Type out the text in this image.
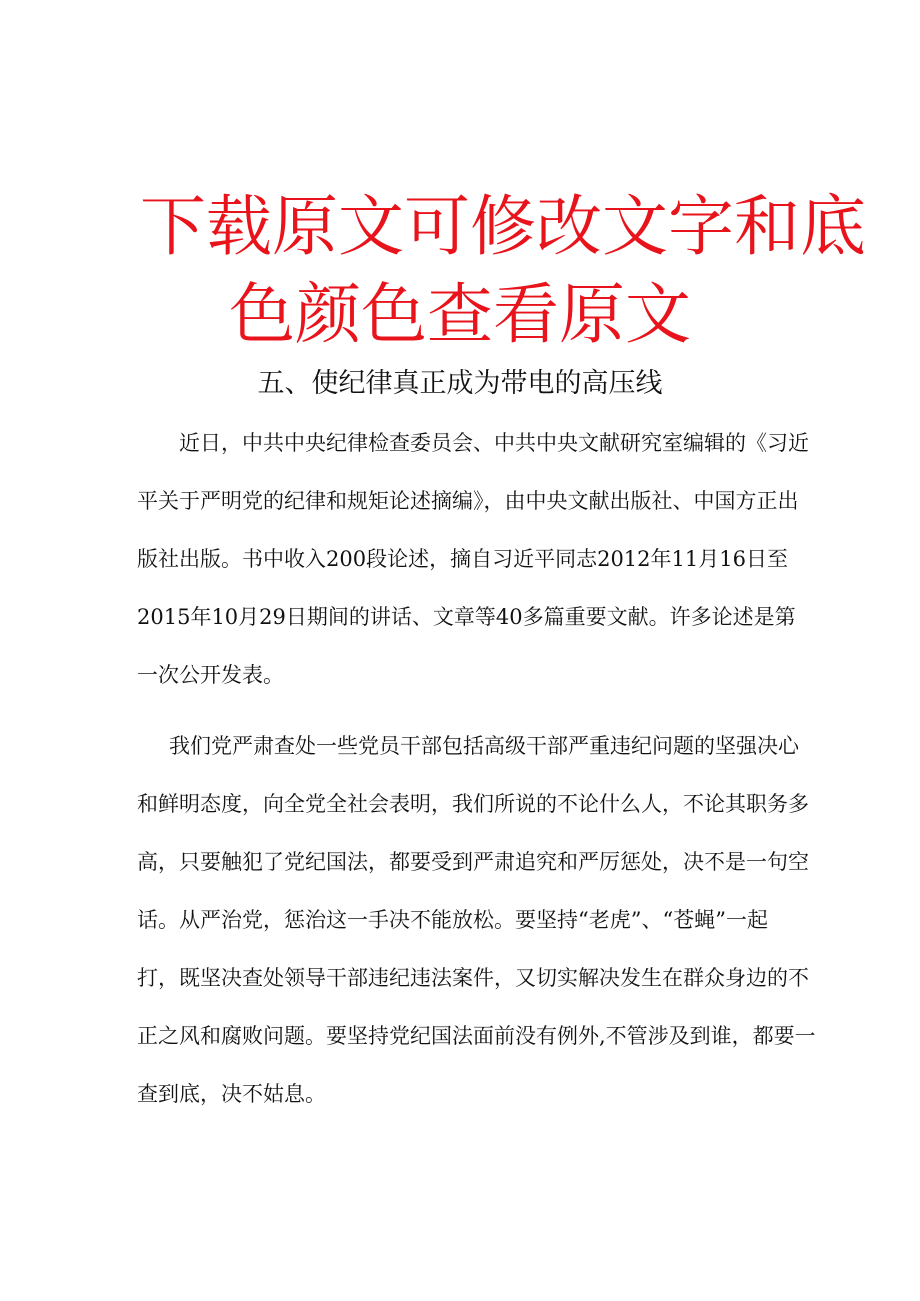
下载原文可修改文字和底
色颜色查看原文
五、使纪律真正成为带电的高压线
近日，中共中央纪律检查委员会、中共中央文献研究室编辑的《习近
平关于严明党的纪律和规矩论述摘编》，由中央文献出版社、中国方正出
版社出版。书中收入200段论述，摘自习近平同志2012年11月16日至
2015年10月29日期间的讲话、文章等40多篇重要文献。许多论述是第
一次公开发表。
我们党严肃查处一些党员干部包括高级干部严重违纪问题的坚强决心
和鲜明态度，向全党全社会表明，我们所说的不论什么人，不论其职务多
高，只要触犯了党纪国法，都要受到严肃追究和严厉惩处，决不是一句空
话。从严治党，惩治这一手决不能放松。要坚持“老虎”、“苍蝇”一起
打，既坚决查处领导干部违纪违法案件，又切实解决发生在群众身边的不
正之风和腐败问题。要坚持党纪国法面前没有例外,不管涉及到谁，都要一
查到底，决不姑息。
